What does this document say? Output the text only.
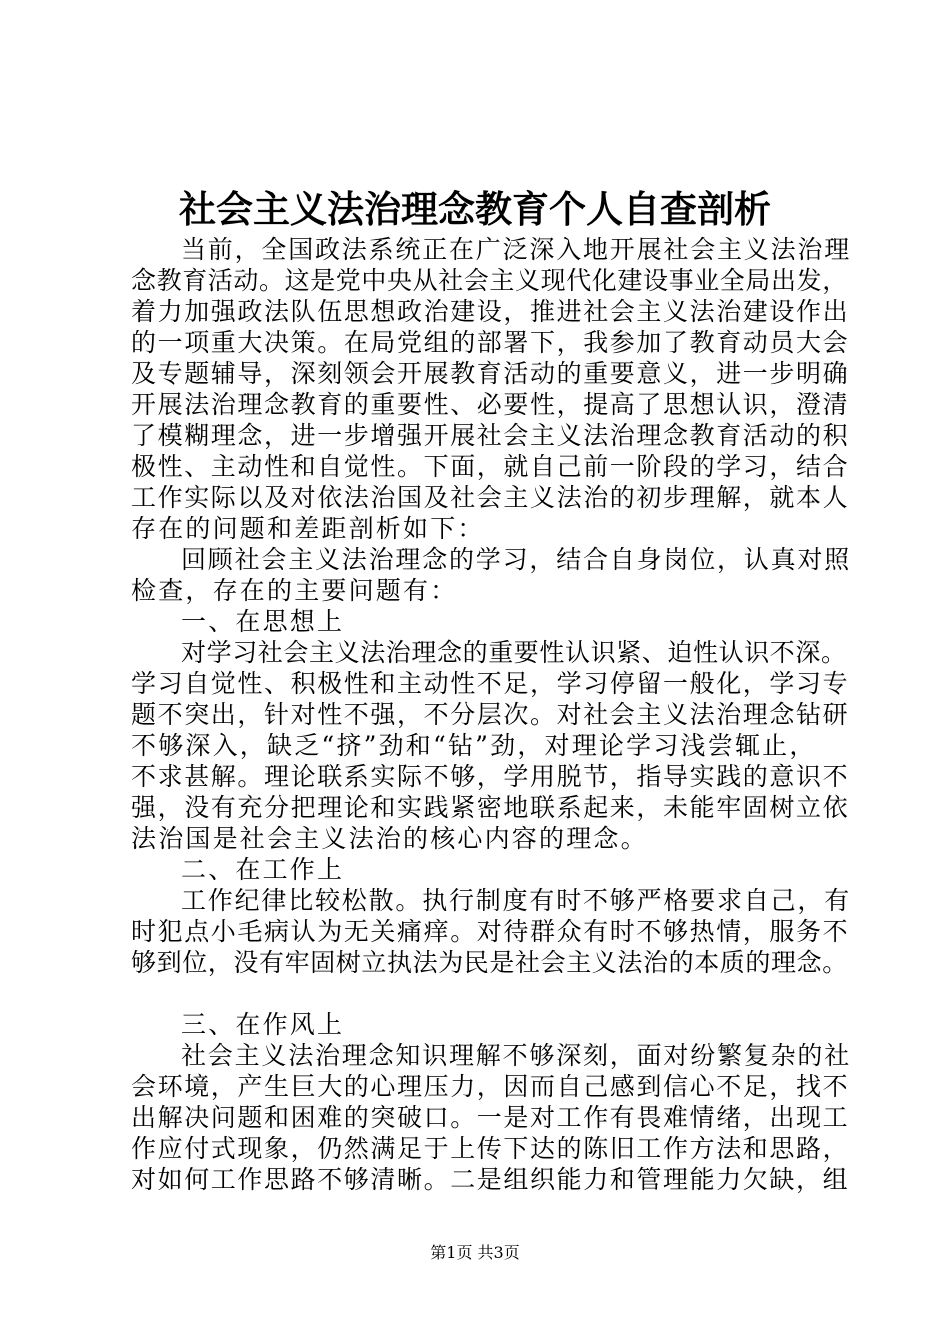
社会主义法治理念教育个人自查剖析
当前，全国政法系统正在广泛深入地开展社会主义法治理
念教育活动。这是党中央从社会主义现代化建设事业全局出发，
着力加强政法队伍思想政治建设，推进社会主义法治建设作出
的一项重大决策。在局党组的部署下，我参加了教育动员大会
及专题辅导，深刻领会开展教育活动的重要意义，进一步明确
开展法治理念教育的重要性、必要性，提高了思想认识，澄清
了模糊理念，进一步增强开展社会主义法治理念教育活动的积
极性、主动性和自觉性。下面，就自己前一阶段的学习，结合
工作实际以及对依法治国及社会主义法治的初步理解，就本人
存在的问题和差距剖析如下：
回顾社会主义法治理念的学习，结合自身岗位，认真对照
检查，存在的主要问题有：
一、在思想上
对学习社会主义法治理念的重要性认识紧、迫性认识不深。
学习自觉性、积极性和主动性不足，学习停留一般化，学习专
题不突出，针对性不强，不分层次。对社会主义法治理念钻研
不够深入，缺乏“挤”劲和“钻”劲，对理论学习浅尝辄止，
不求甚解。理论联系实际不够，学用脱节，指导实践的意识不
强，没有充分把理论和实践紧密地联系起来，未能牢固树立依
法治国是社会主义法治的核心内容的理念。
二、在工作上
工作纪律比较松散。执行制度有时不够严格要求自己，有
时犯点小毛病认为无关痛痒。对待群众有时不够热情，服务不
够到位，没有牢固树立执法为民是社会主义法治的本质的理念。
三、在作风上
社会主义法治理念知识理解不够深刻，面对纷繁复杂的社
会环境，产生巨大的心理压力，因而自己感到信心不足，找不
出解决问题和困难的突破口。一是对工作有畏难情绪，出现工
作应付式现象，仍然满足于上传下达的陈旧工作方法和思路，
对如何工作思路不够清晰。二是组织能力和管理能力欠缺，组
第1页 共3页
